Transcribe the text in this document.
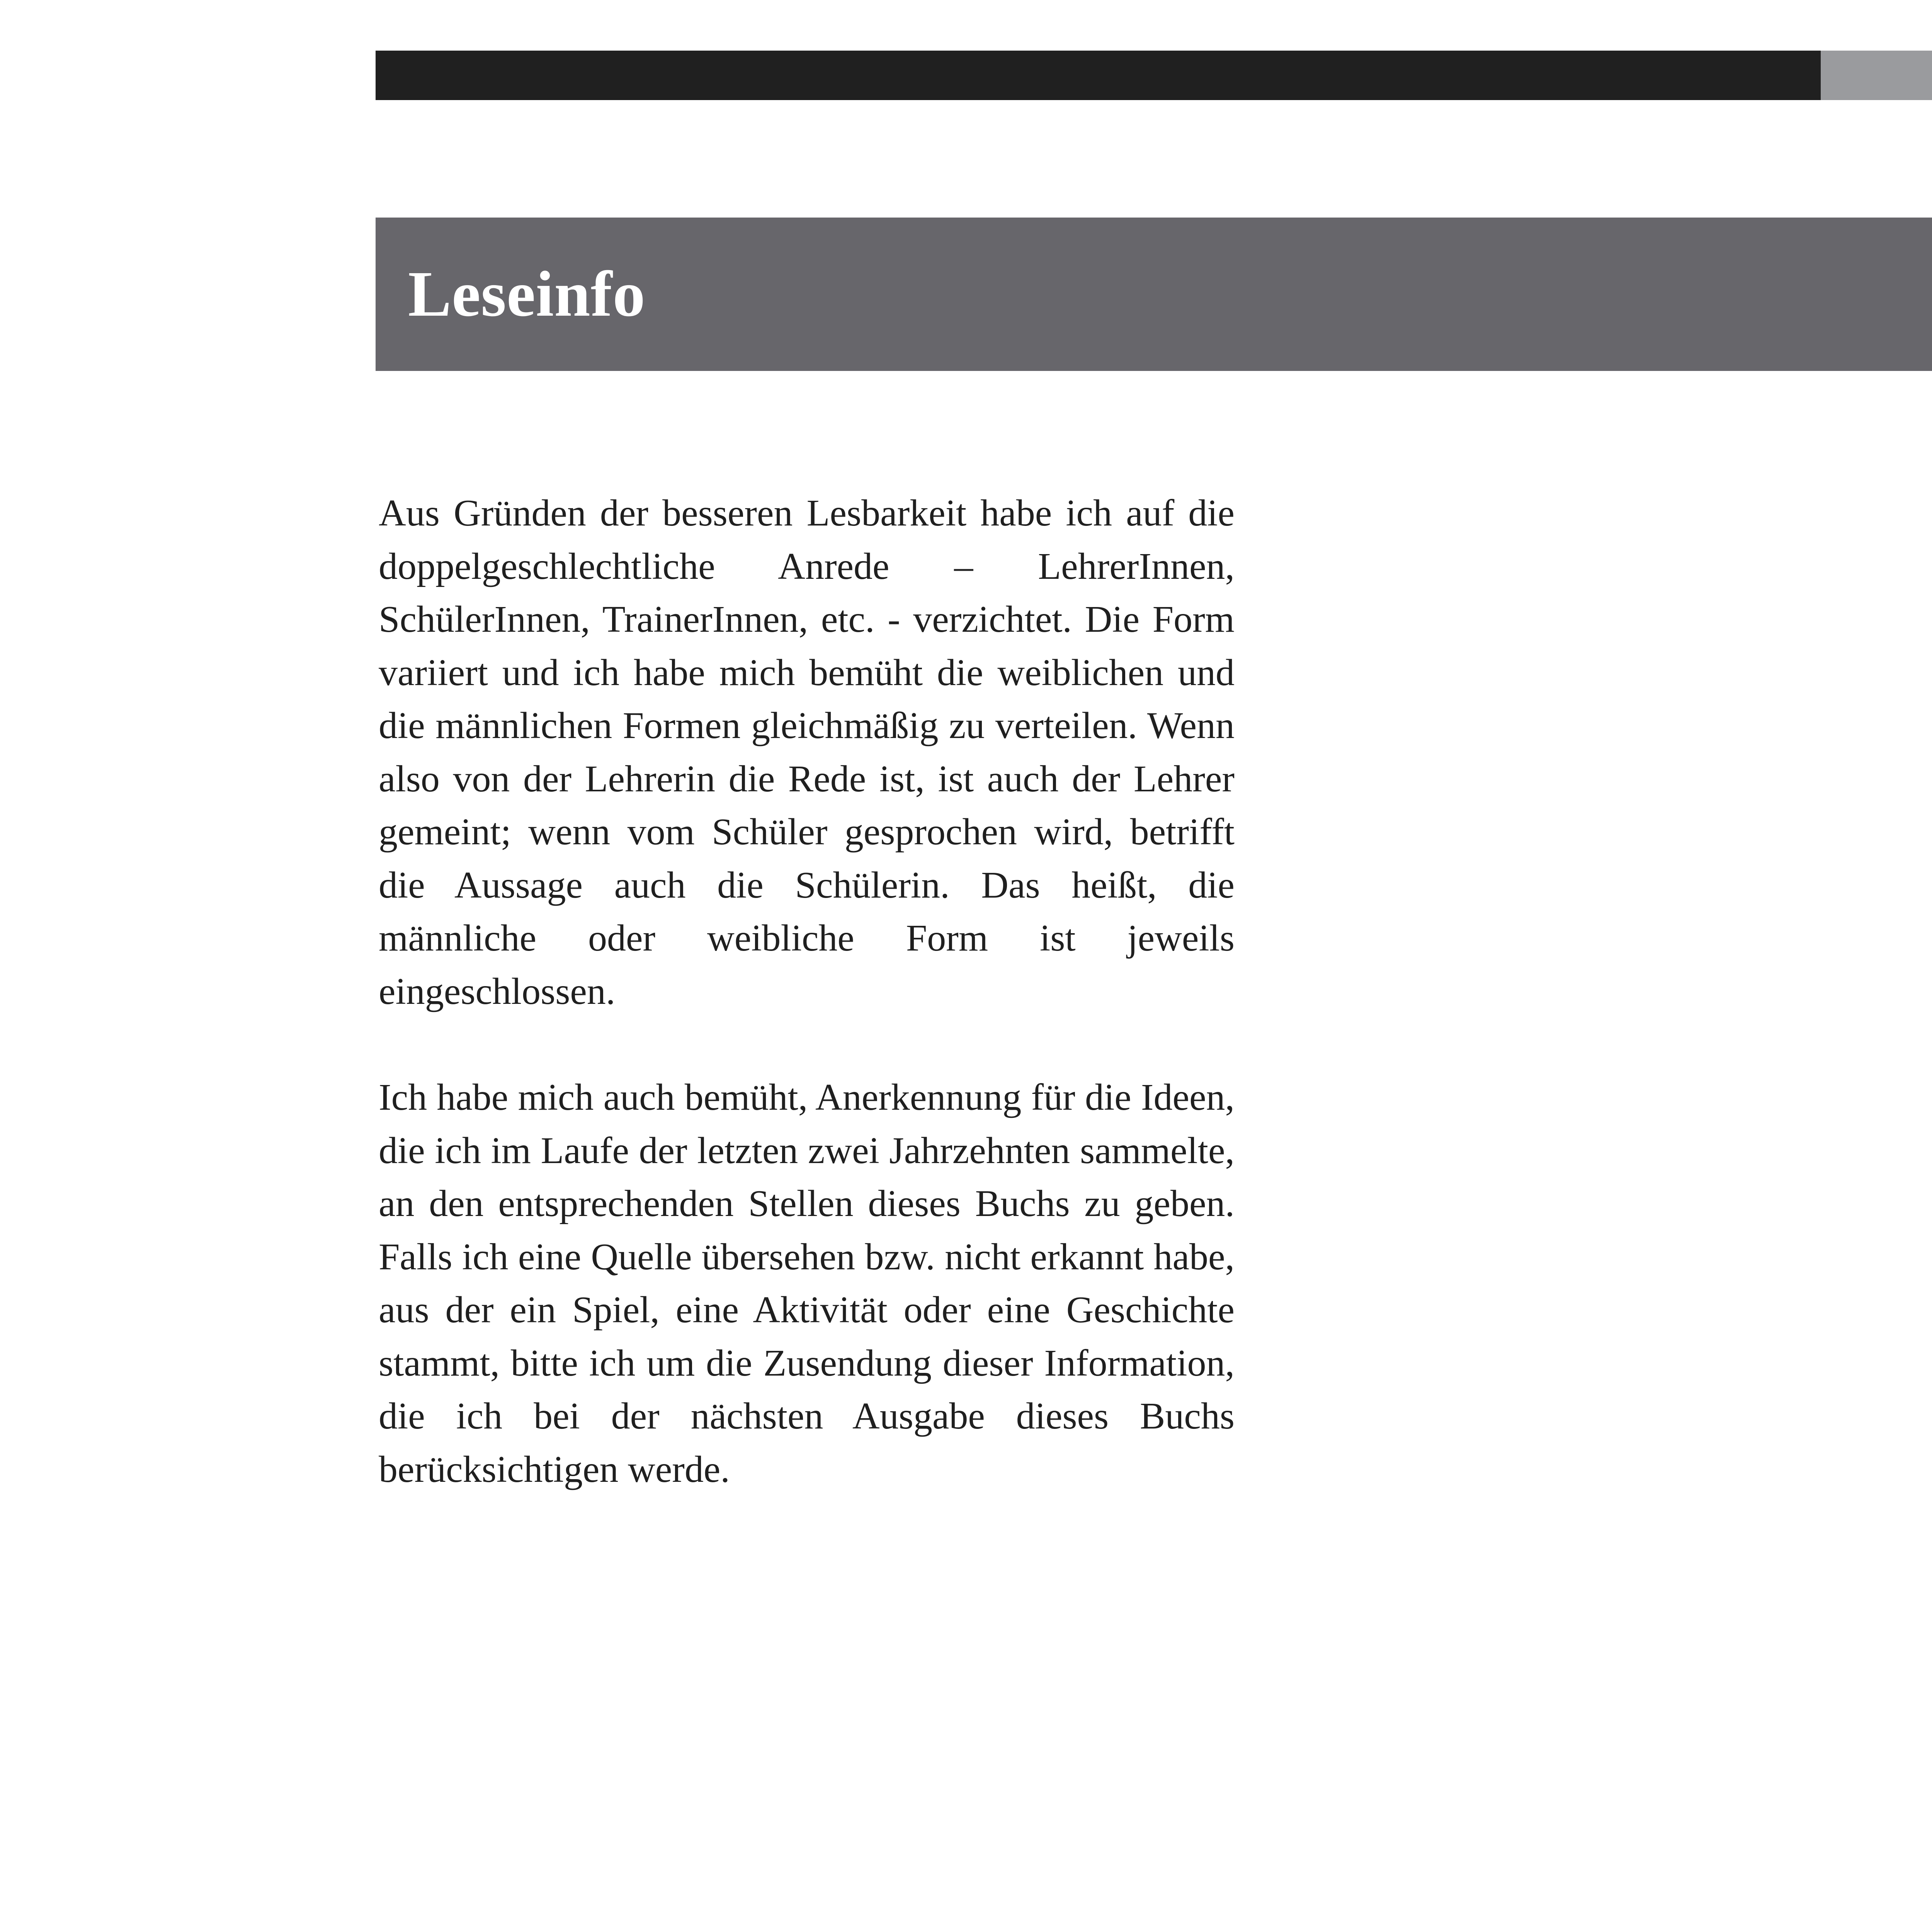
Leseinfo

Aus Gründen der besseren Lesbarkeit habe ich auf die doppelgeschlechtliche Anrede – LehrerInnen, SchülerInnen, TrainerInnen, etc. - verzichtet. Die Form variiert und ich habe mich bemüht die weiblichen und die männlichen Formen gleichmäßig zu verteilen. Wenn also von der Lehrerin die Rede ist, ist auch der Lehrer gemeint; wenn vom Schüler gesprochen wird, betrifft die Aussage auch die Schülerin. Das heißt, die männliche oder weibliche Form ist jeweils eingeschlossen.

Ich habe mich auch bemüht, Anerkennung für die Ideen, die ich im Laufe der letzten zwei Jahrzehnten sammelte, an den entsprechenden Stellen dieses Buchs zu geben. Falls ich eine Quelle übersehen bzw. nicht erkannt habe, aus der ein Spiel, eine Aktivität oder eine Geschichte stammt, bitte ich um die Zusendung dieser Information, die ich bei der nächsten Ausgabe dieses Buchs berücksichtigen werde.
